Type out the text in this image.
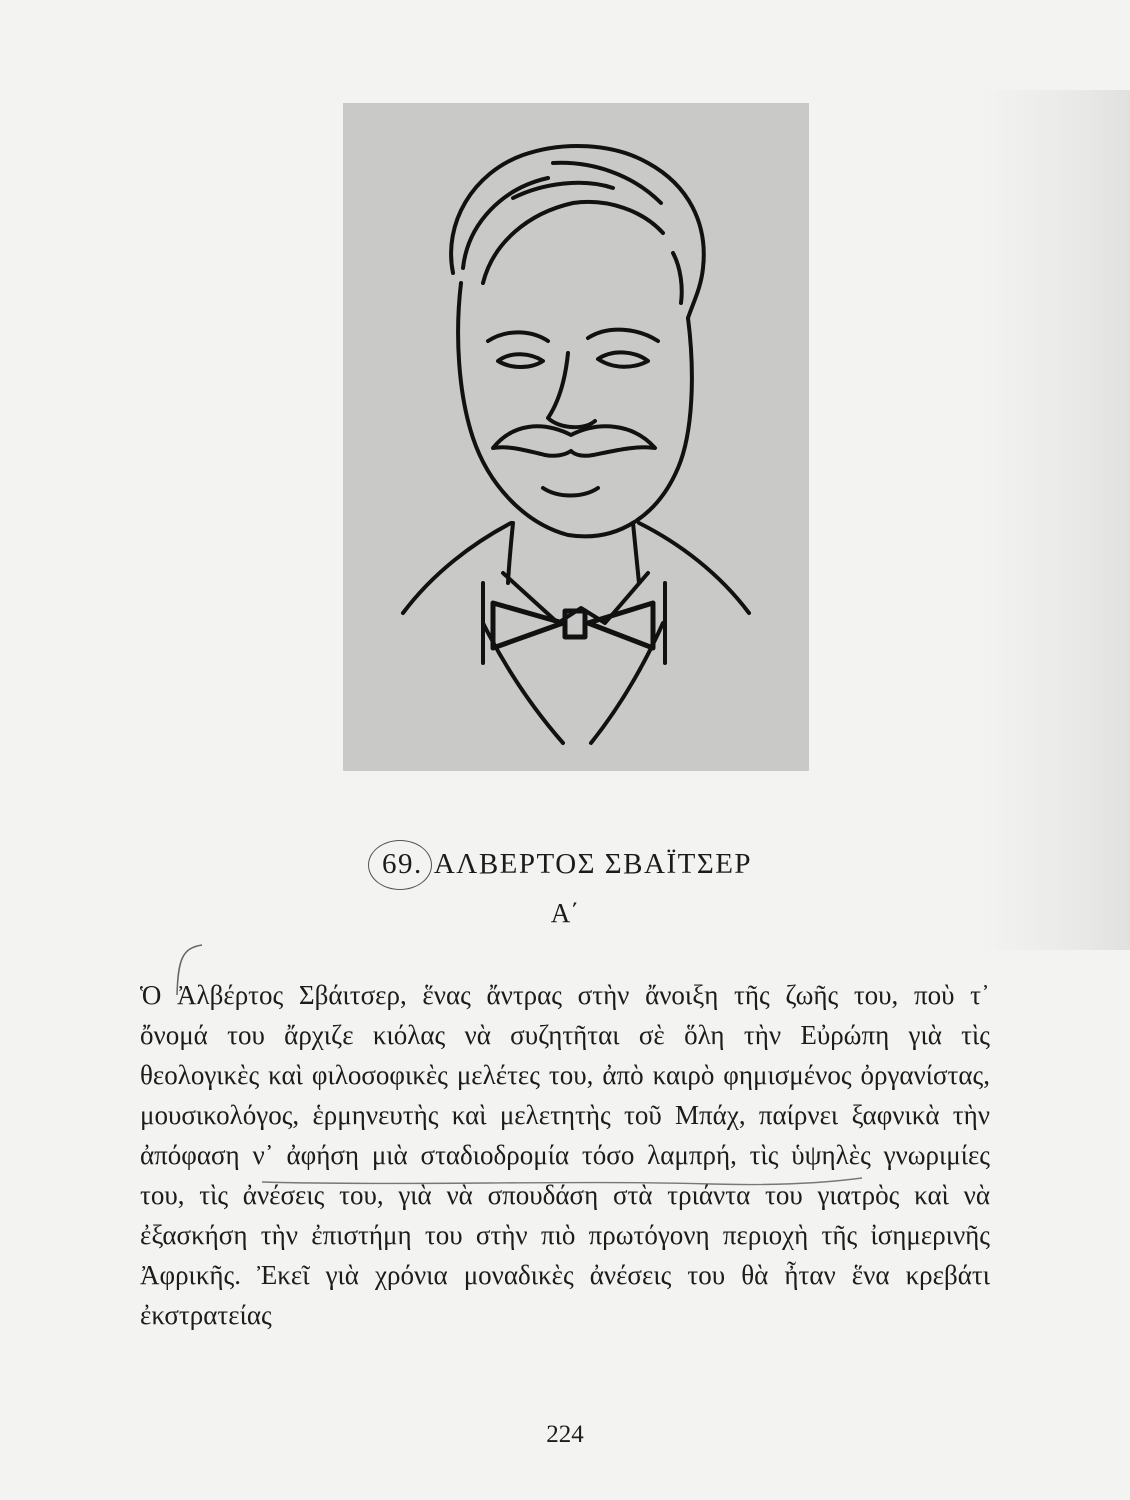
69. ΑΛΒΕΡΤΟΣ ΣΒΑΪΤΣΕΡ
Α΄

Ὁ Ἀλβέρτος Σβάιτσερ, ἕνας ἄντρας στὴν ἄνοιξη τῆς ζωῆς του, ποὺ τ᾽ ὄνομά του ἄρχιζε κιόλας νὰ συζητῆται σὲ ὅλη τὴν Εὐρώπη γιὰ τὶς θεολογικὲς καὶ φιλοσοφικὲς μελέτες του, ἀπὸ καιρὸ φημισμένος ὀργανίστας, μουσικολόγος, ἑρμηνευτὴς καὶ μελετητὴς τοῦ Μπάχ, παίρνει ξαφνικὰ τὴν ἀπόφαση ν᾽ ἀφήση μιὰ σταδιοδρομία τόσο λαμπρή, τὶς ὑψηλὲς γνωριμίες του, τὶς ἀνέσεις του, γιὰ νὰ σπουδάση στὰ τριάντα του γιατρὸς καὶ νὰ ἐξασκήση τὴν ἐπιστήμη του στὴν πιὸ πρωτόγονη περιοχὴ τῆς ἰσημερινῆς Ἀφρικῆς. Ἐκεῖ γιὰ χρόνια μοναδικὲς ἀνέσεις του θὰ ἦταν ἕνα κρεβάτι ἐκστρατείας

224
